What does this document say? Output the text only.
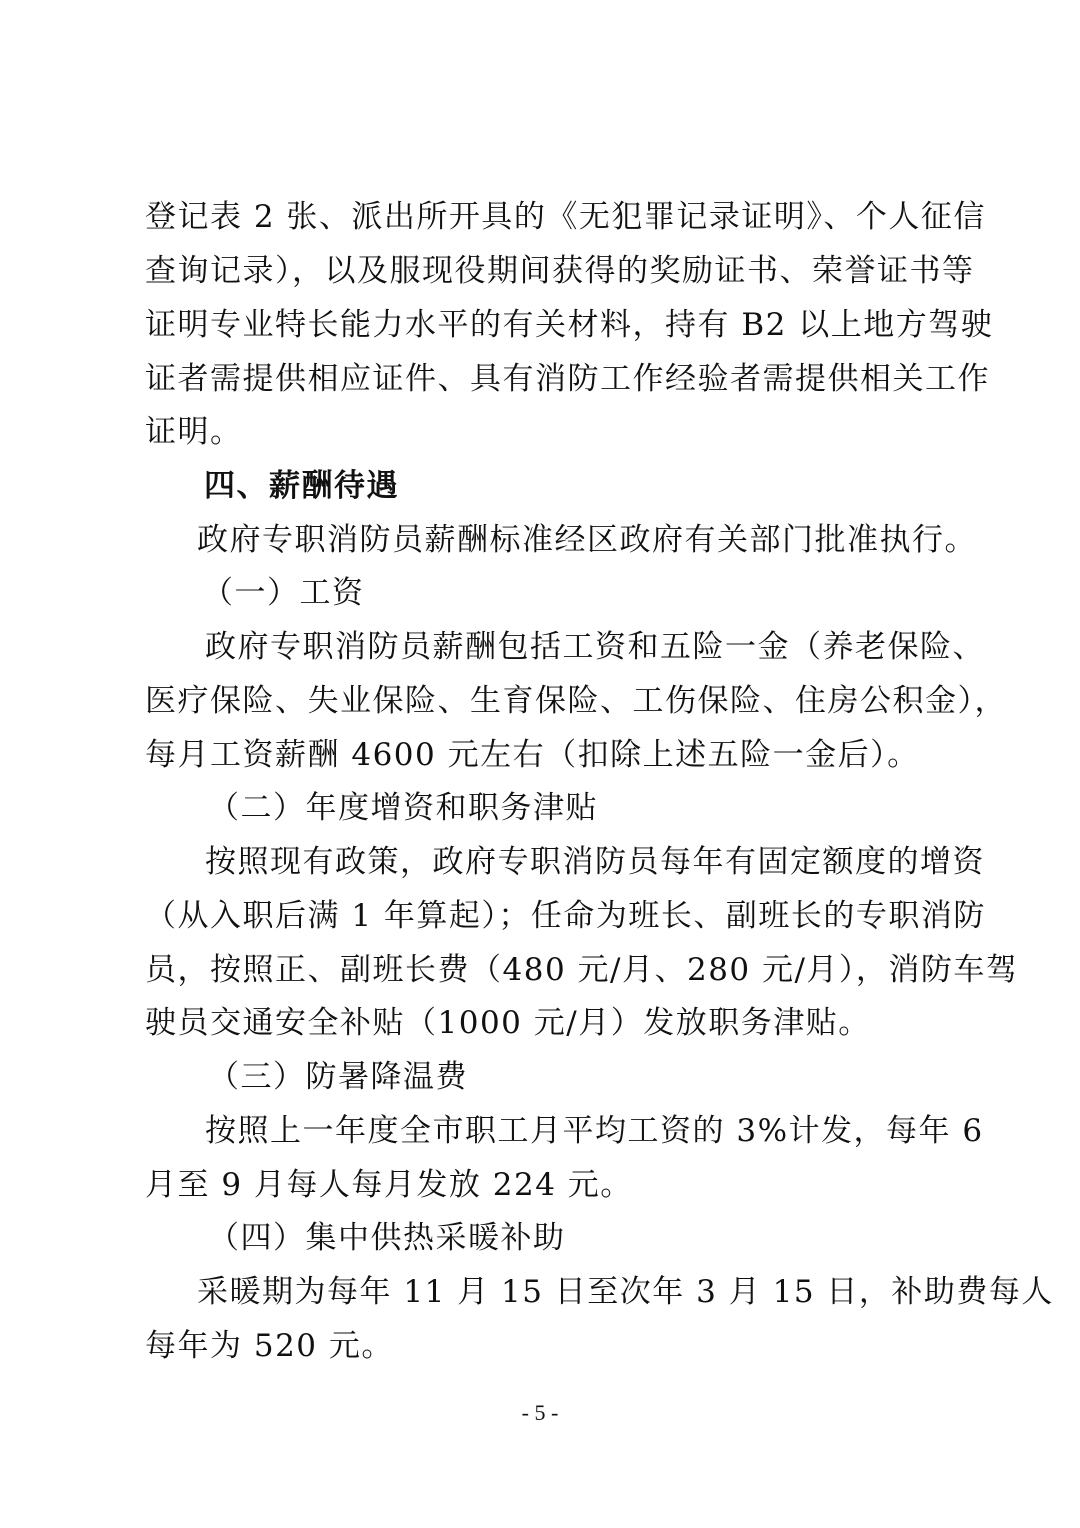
登记表 2 张、派出所开具的《无犯罪记录证明》、个人征信
查询记录），以及服现役期间获得的奖励证书、荣誉证书等
证明专业特长能力水平的有关材料，持有 B2 以上地方驾驶
证者需提供相应证件、具有消防工作经验者需提供相关工作
证明。
四、薪酬待遇
政府专职消防员薪酬标准经区政府有关部门批准执行。
（一）工资
政府专职消防员薪酬包括工资和五险一金（养老保险、
医疗保险、失业保险、生育保险、工伤保险、住房公积金），
每月工资薪酬 4600 元左右（扣除上述五险一金后）。
（二）年度增资和职务津贴
按照现有政策，政府专职消防员每年有固定额度的增资
（从入职后满 1 年算起）；任命为班长、副班长的专职消防
员，按照正、副班长费（480 元/月、280 元/月），消防车驾
驶员交通安全补贴（1000 元/月）发放职务津贴。
（三）防暑降温费
按照上一年度全市职工月平均工资的 3%计发，每年 6
月至 9 月每人每月发放 224 元。
（四）集中供热采暖补助
采暖期为每年 11 月 15 日至次年 3 月 15 日，补助费每人
每年为 520 元。
- 5 -
